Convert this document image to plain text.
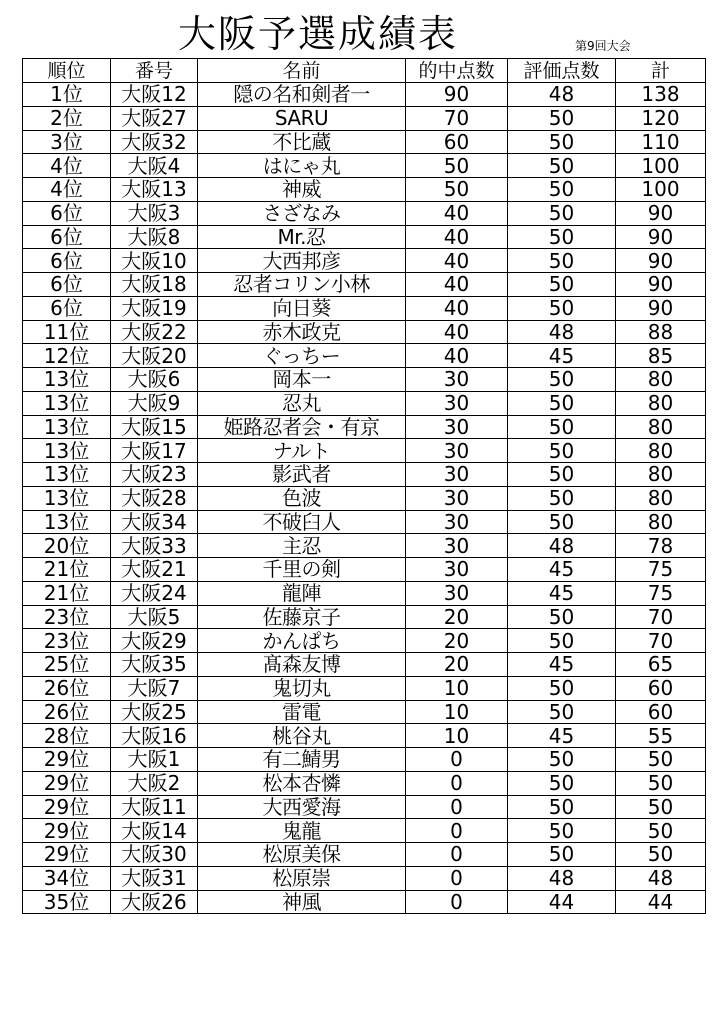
大阪予選成績表	第9回大会
順位	番号	名前	的中点数	評価点数	計
1位	大阪12	隠の名和剣者一	90	48	138
2位	大阪27	SARU	70	50	120
3位	大阪32	不比蔵	60	50	110
4位	大阪4	はにゃ丸	50	50	100
4位	大阪13	神威	50	50	100
6位	大阪3	さざなみ	40	50	90
6位	大阪8	Mr.忍	40	50	90
6位	大阪10	大西邦彦	40	50	90
6位	大阪18	忍者コリン小林	40	50	90
6位	大阪19	向日葵	40	50	90
11位	大阪22	赤木政克	40	48	88
12位	大阪20	ぐっちー	40	45	85
13位	大阪6	岡本一	30	50	80
13位	大阪9	忍丸	30	50	80
13位	大阪15	姫路忍者会・有京	30	50	80
13位	大阪17	ナルト	30	50	80
13位	大阪23	影武者	30	50	80
13位	大阪28	色波	30	50	80
13位	大阪34	不破臼人	30	50	80
20位	大阪33	主忍	30	48	78
21位	大阪21	千里の剣	30	45	75
21位	大阪24	龍陣	30	45	75
23位	大阪5	佐藤京子	20	50	70
23位	大阪29	かんぱち	20	50	70
25位	大阪35	髙森友博	20	45	65
26位	大阪7	鬼切丸	10	50	60
26位	大阪25	雷電	10	50	60
28位	大阪16	桃谷丸	10	45	55
29位	大阪1	有二鯖男	0	50	50
29位	大阪2	松本杏憐	0	50	50
29位	大阪11	大西愛海	0	50	50
29位	大阪14	鬼龍	0	50	50
29位	大阪30	松原美保	0	50	50
34位	大阪31	松原崇	0	48	48
35位	大阪26	神風	0	44	44
